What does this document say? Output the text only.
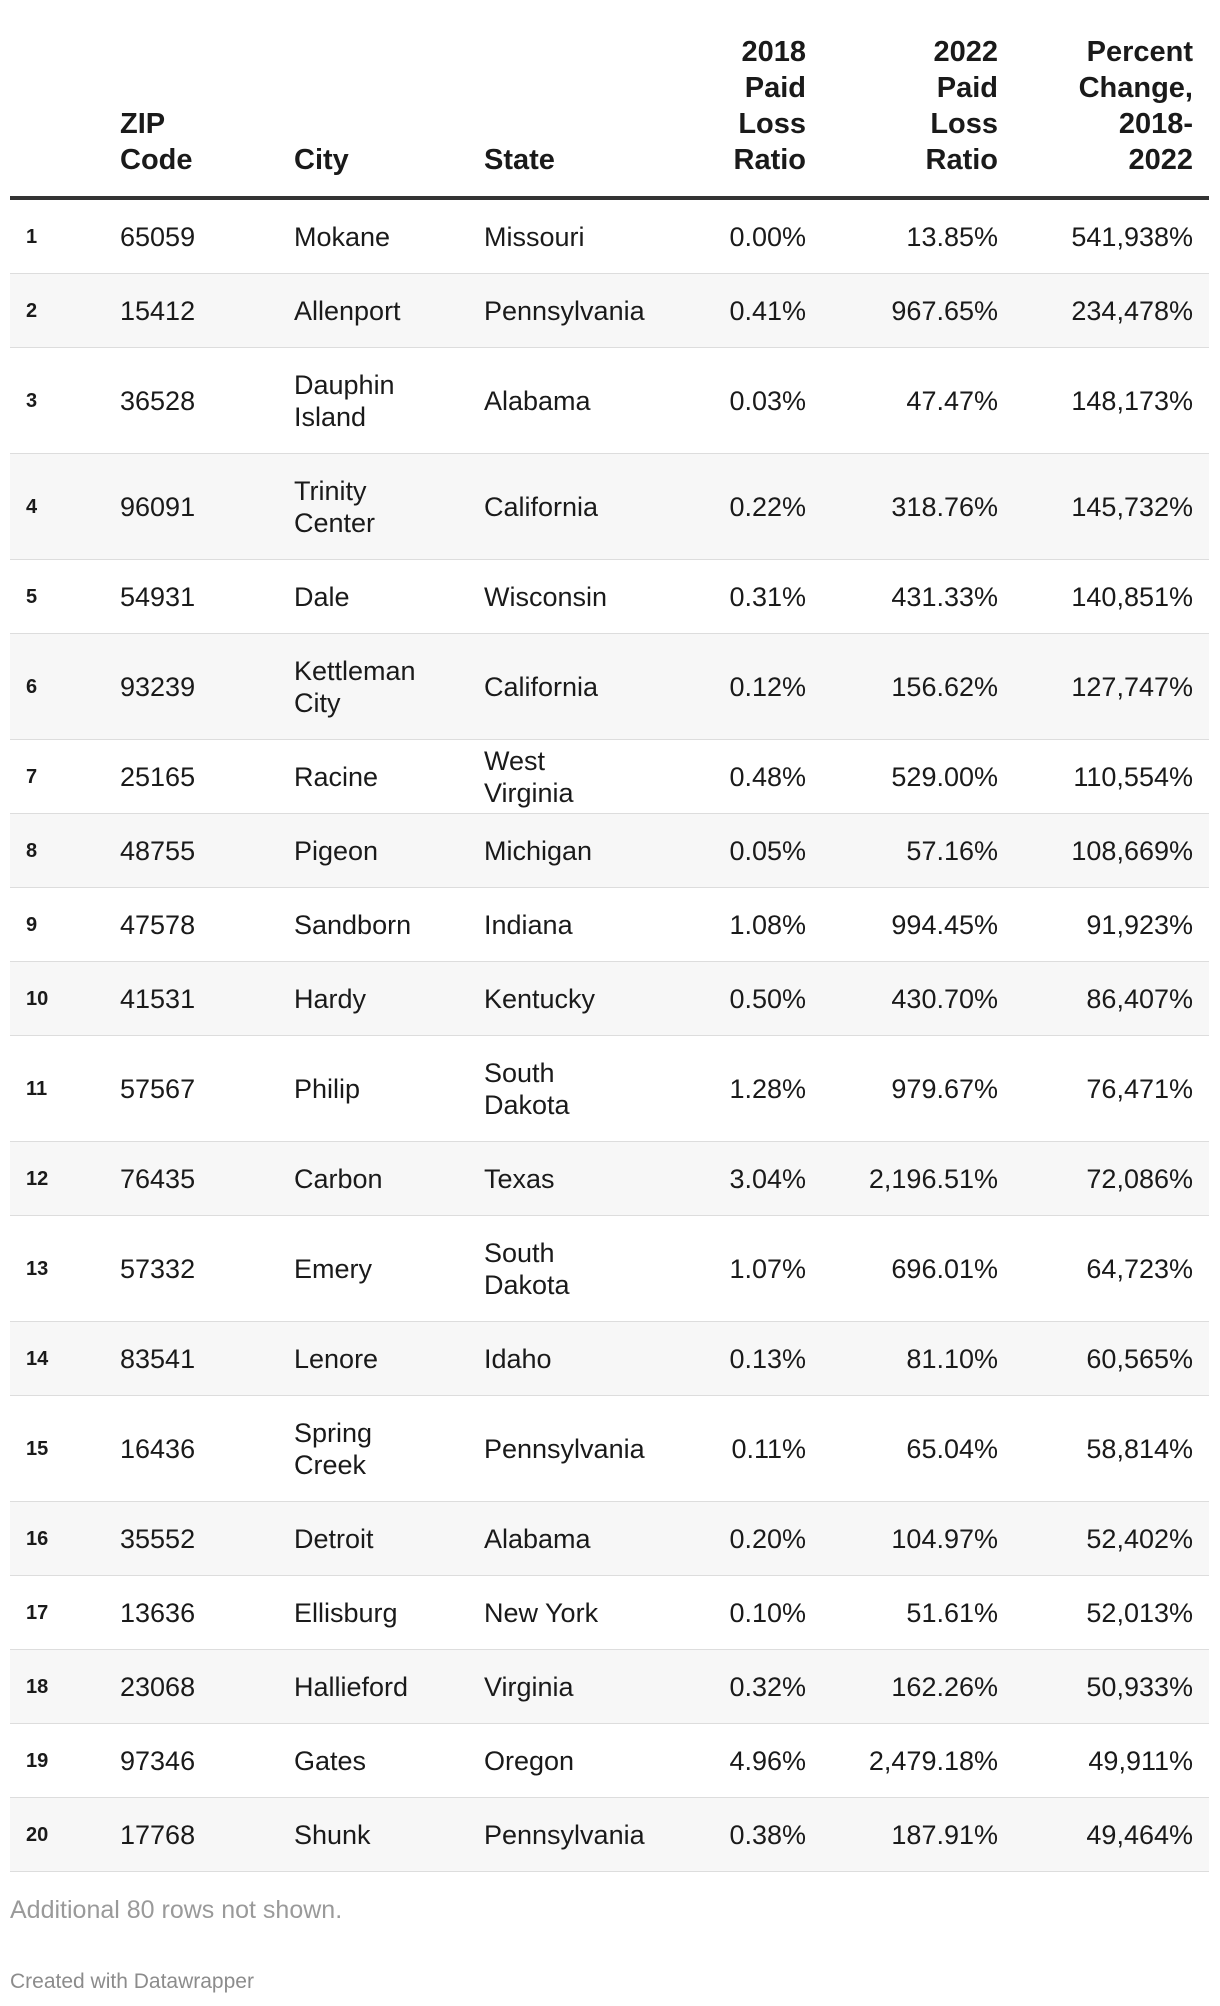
	ZIP Code	City	State	2018 Paid Loss Ratio	2022 Paid Loss Ratio	Percent Change, 2018-2022
1	65059	Mokane	Missouri	0.00%	13.85%	541,938%
2	15412	Allenport	Pennsylvania	0.41%	967.65%	234,478%
3	36528	Dauphin Island	Alabama	0.03%	47.47%	148,173%
4	96091	Trinity Center	California	0.22%	318.76%	145,732%
5	54931	Dale	Wisconsin	0.31%	431.33%	140,851%
6	93239	Kettleman City	California	0.12%	156.62%	127,747%
7	25165	Racine	West Virginia	0.48%	529.00%	110,554%
8	48755	Pigeon	Michigan	0.05%	57.16%	108,669%
9	47578	Sandborn	Indiana	1.08%	994.45%	91,923%
10	41531	Hardy	Kentucky	0.50%	430.70%	86,407%
11	57567	Philip	South Dakota	1.28%	979.67%	76,471%
12	76435	Carbon	Texas	3.04%	2,196.51%	72,086%
13	57332	Emery	South Dakota	1.07%	696.01%	64,723%
14	83541	Lenore	Idaho	0.13%	81.10%	60,565%
15	16436	Spring Creek	Pennsylvania	0.11%	65.04%	58,814%
16	35552	Detroit	Alabama	0.20%	104.97%	52,402%
17	13636	Ellisburg	New York	0.10%	51.61%	52,013%
18	23068	Hallieford	Virginia	0.32%	162.26%	50,933%
19	97346	Gates	Oregon	4.96%	2,479.18%	49,911%
20	17768	Shunk	Pennsylvania	0.38%	187.91%	49,464%
Additional 80 rows not shown.
Created with Datawrapper
